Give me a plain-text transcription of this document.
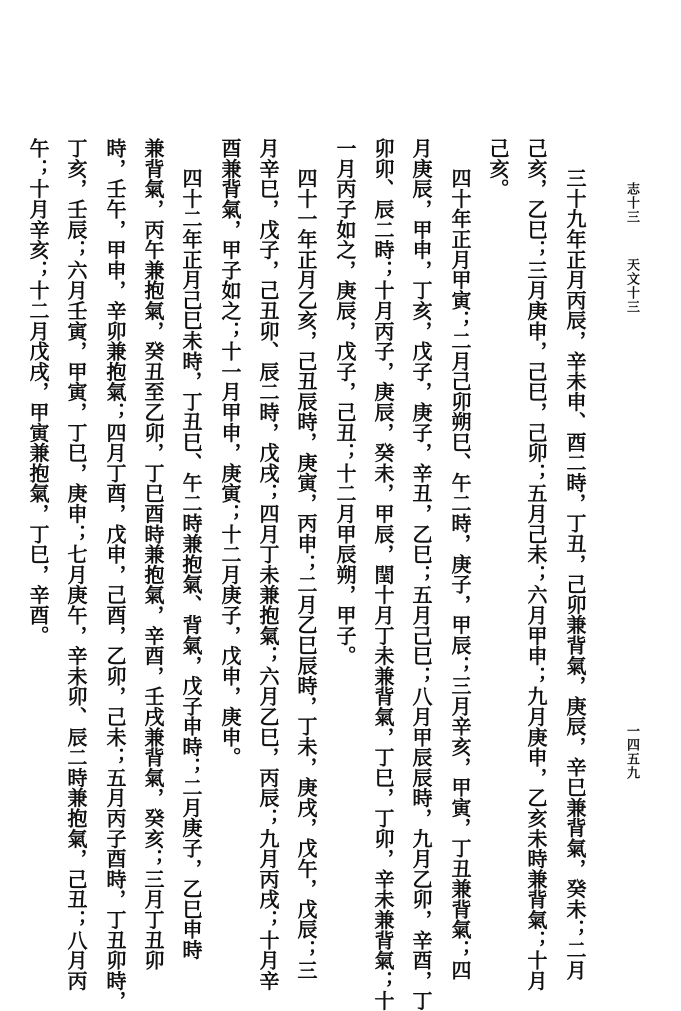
三十九年正月丙辰，辛未申、酉二時，丁丑，己卯兼背氣，庚辰，辛巳兼背氣，癸未；二月
己亥，乙巳；三月庚申，己巳，己卯；五月己未；六月甲申；九月庚申，乙亥未時兼背氣；十月
己亥。
四十年正月甲寅；二月己卯朔巳、午二時，庚子，甲辰；三月辛亥，甲寅，丁丑兼背氣；四
月庚辰，甲申，丁亥，戊子，庚子，辛丑，乙巳；五月己巳；八月甲辰辰時，九月乙卯，辛酉，丁
卯卯、辰二時；十月丙子，庚辰，癸未，甲辰，閏十月丁未兼背氣，丁巳，丁卯，辛未兼背氣；十
一月丙子如之，庚辰，戊子，己丑；十二月甲辰朔，甲子。
四十一年正月乙亥，己丑辰時，庚寅，丙申；二月乙巳辰時，丁未，庚戌，戊午，戊辰；三
月辛巳，戊子，己丑卯、辰二時，戊戌；四月丁未兼抱氣；六月乙巳，丙辰；九月丙戌；十月辛
酉兼背氣，甲子如之；十一月甲申，庚寅；十二月庚子，戊申，庚申。
四十二年正月己巳未時，丁丑巳、午二時兼抱氣、背氣，戊子申時；二月庚子，乙巳申時
兼背氣，丙午兼抱氣，癸丑至乙卯，丁巳酉時兼抱氣，辛酉，壬戌兼背氣，癸亥；三月丁丑卯
時，壬午，甲申，辛卯兼抱氣；四月丁酉，戊申，己酉，乙卯，己未；五月丙子酉時，丁丑卯時，
丁亥，壬辰；六月壬寅，甲寅，丁巳，庚申；七月庚午，辛未卯、辰二時兼抱氣，己丑；八月丙
午；十月辛亥；十二月戊戌，甲寅兼抱氣，丁巳，辛酉。	志十三
天文十三
一四五九
